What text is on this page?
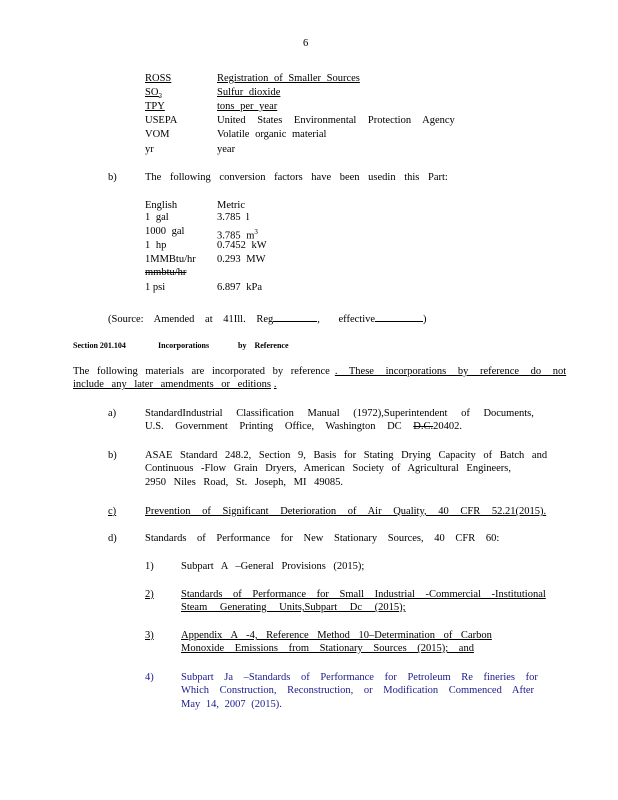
6
ROSS	Registration of Smaller Sources
$SO_2$	Sulfur dioxide
TPY	tons per year
USEPA	United States Environmental Protection Agency
VOM	Volatile organic material
yr	year
b)	The following conversion factors have been usedin this Part:
English	Metric
1 gal	3.785 l
1000 gal	3.785 $m^3$
1 hp	0.7452 kW
1MMBtu/hr 0.293 MW
mmbtu/hr
1 psi	6.897 kPa
(Source: Amended at 41Ill. Reg	, effective	)
Section 201.104	Incorporations	by Reference
The following materials are incorporated by reference . These incorporations by reference do not
include any later amendments or editions .
a)	StandardIndustrial Classification Manual (1972),Superintendent of Documents,
U.S. Government Printing Office, Washington DC D.C.20402.
b)	ASAE Standard 248.2, Section 9, Basis for Stating Drying Capacity of Batch and
Continuous -Flow Grain Dryers, American Society of Agricultural Engineers,
2950 Niles Road, St. Joseph, MI 49085.
c)	Prevention of Significant Deterioration of Air Quality, 40 CFR 52.21(2015).
d)	Standards of Performance for New Stationary Sources, 40 CFR 60:
1)	Subpart A –General Provisions (2015);
2)	Standards of Performance for Small Industrial -Commercial -Institutional
Steam Generating Units,Subpart Dc (2015);
3)	Appendix A -4, Reference Method 10–Determination of Carbon
Monoxide Emissions from Stationary Sources (2015); and
4)	Subpart Ja –Standards of Performance for Petroleum Re fineries for
Which Construction, Reconstruction, or Modification Commenced After
May 14, 2007 (2015).
